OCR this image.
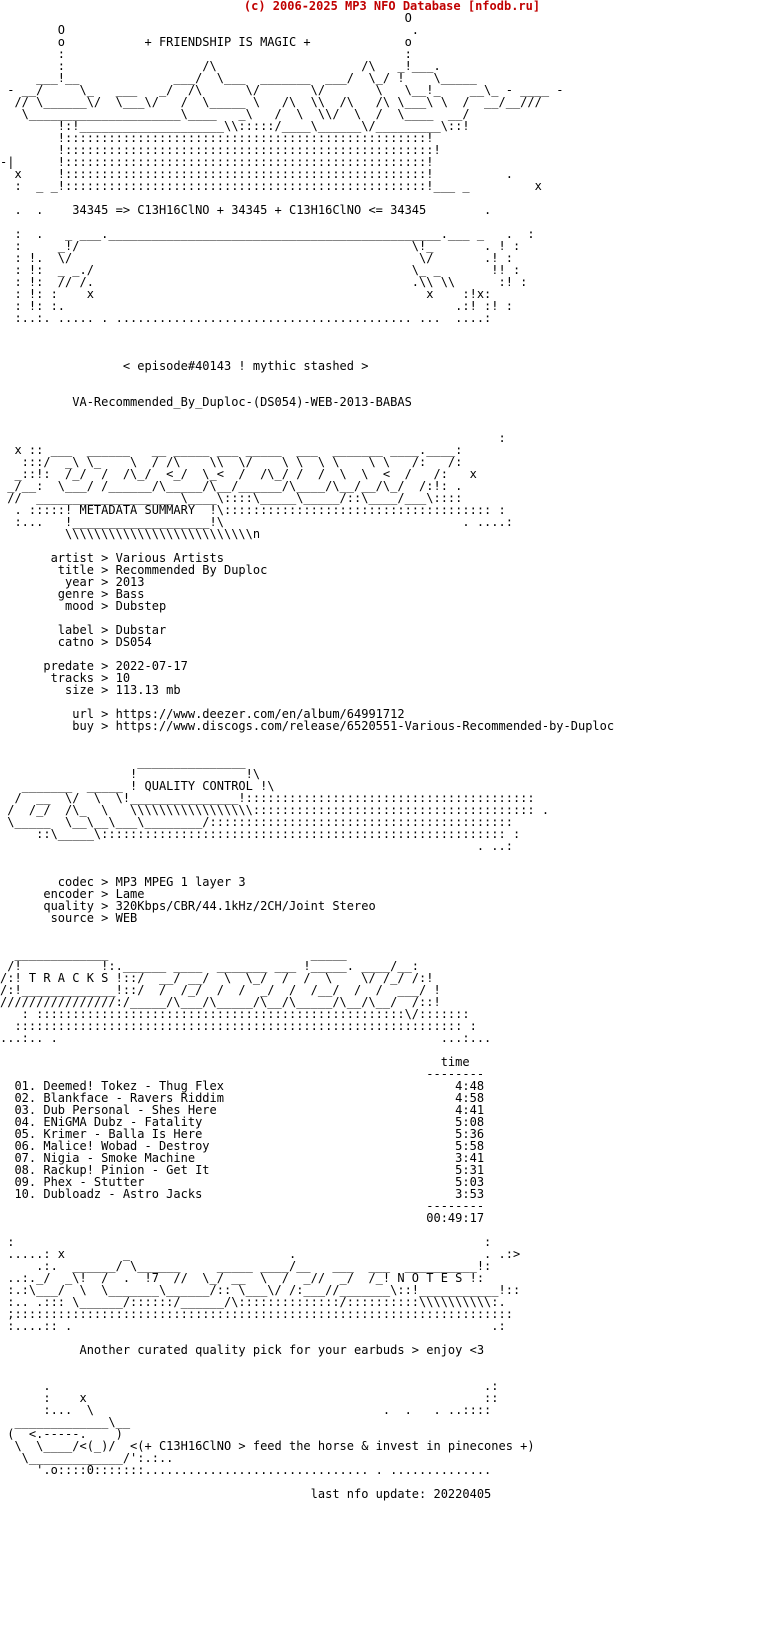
(c) 2006-2025 MP3 NFO Database [nfodb.ru]
O
O                                                .
o           + FRIENDSHIP IS MAGIC +             o
:                                               :
:                   /\                    /\   _!___.
___!__             ___/  \___  _______  ___/  \_/ !    \_____
- __/     \_   ___   _/  /\      \/       \/       \   \__!_    __\_ - ____ -
// \______\/  \___\/   /  \_____ \   /\  \\  /\   /\ \___\ \  /  __/__///
\_____________________\____   _\   /  \  \\/  \  /  \____  __/
!:!____________________\\:::::/____\______\/_________\::!
!::::::::::::::::::::::::::::::::::::::::::::::::::!
!:::::::::::::::::::::::::::::::::::::::::::::::::::!
-|      !::::::::::::::::::::::::::::::::::::::::::::::::::!
x     !::::::::::::::::::::::::::::::::::::::::::::::::::!          .
:  _ _!::::::::::::::::::::::::::::::::::::::::::::::::::!___ _         x

.  .    34345 => C13H16ClNO + 34345 + C13H16ClNO <= 34345        .

:  .   _ ___.______________________________________________.___ _   .  :
:     _!/                                              \!_       . ! :
: !.  \/                                                \/       .! :
: !:  _ _./                                            \_ _       !! :
: !:  // /.                                            .\\ \\      :! :
: !: :    x                                              x    :!x:
: !: :.                                                      .:! :! :
:..:. ..... . ......................................... ...  ....:

< episode#40143 ! mythic stashed >

VA-Recommended_By_Duploc-(DS054)-WEB-2013-BABAS

:
x :: ___  ______   __ _____ ___ _____  ___  _______ ____.____:
:::/  _\ \_    \  / /\    \\  \/    \ \  \ \    \ \   /:   /:
_::!:  /_/  /  /\_/  <_/  \_<  /  /\_/ /  /  \  \  <  /   /:   x
_/__:  \___/ /______/\_____/\__/______/\____/\__/__/\_/  /:!: .
//  ___________________ \____\::::\_____\_____/::\____/___\::::
. :::::! METADATA SUMMARY  !\::::::::::::::::::::::::::::::::::::: :
:...   !___________________!\                                 . ....:
\\\\\\\\\\\\\\\\\\\\\\\\\\n

artist > Various Artists
title > Recommended By Duploc
year > 2013
genre > Bass
mood > Dubstep

label > Dubstar
catno > DS054

predate > 2022-07-17
tracks > 10
size > 113.13 mb

url > https://www.deezer.com/en/album/64991712
buy > https://www.discogs.com/release/6520551-Various-Recommended-by-Duploc

_______________
!               !\
_______  _____ ! QUALITY CONTROL !\
/  __  \/  \  \!_______________!::::::::::::::::::::::::::::::::::::::::
/  /_/  /\_  \   \\\\\\\\\\\\\\\\\::::::::::::::::::::::::::::::::::::::: .
\_____  \__\__\___\________/::::::::::::::::::::::::::::::::::::::::::
::\_____\:::::::::::::::::::::::::::::::::::::::::::::::::::::::: :
. ..:

codec > MP3 MPEG 1 layer 3
encoder > Lame
quality > 320Kbps/CBR/44.1kHz/2CH/Joint Stereo
source > WEB

_____________                            _____
/!           !:.______ ____  _______ ___ !_____. ____/__:
/:! T R A C K S !::/  __/ __/  \  \_/  /  /  \    \/ /_/ /:!
/:!_____________!::/  /  /_/  /  /  _/  /  /__/  /  /  ___/ !
////////////////:/_____/\___/\_____/\__/\_____/\__/\__/  /::!
: :::::::::::::::::::::::::::::::::::::::::::::::::::\/:::::::
:::::::::::::::::::::::::::::::::::::::::::::::::::::::::::::: :
...:.. .                                                     ...:...

time
--------
01. Deemed! Tokez - Thug Flex                                4:48
02. Blankface - Ravers Riddim                                4:58
03. Dub Personal - Shes Here                                 4:41
04. ENiGMA Dubz - Fatality                                   5:08
05. Krimer - Balla Is Here                                   5:36
06. Malice! Wobad - Destroy                                  5:58
07. Nigia - Smoke Machine                                    3:41
08. Rackup! Pinion - Get It                                  5:31
09. Phex - Stutter                                           5:03
10. Dubloadz - Astro Jacks                                   3:53
--------
00:49:17

:                                                                 :
.....: x        _                      .                          . .:>
.:.  ______/ \______     _____ ____/__   ___  ___  __________!:
..:._/  _\!  /  .  !7  //  \_/ __  \  /  _//  _/  /_! N O T E S !:
:.:\___/  \  \_______\______/:: \___\/ /:___//_______\::!___________!::
:.. .::: \______/::::::/______/\::::::::::::::/::::::::::\\\\\\\\\\:.
;:::::::::::::::::::::::::::::::::::::::::::::::::::::::::::::::::::::
:....:: .                                                          .:

Another curated quality pick for your earbuds > enjoy <3

.                                                            .:
:    x                                                       ::
:...  \                                        .  .   . ..::::
_____________\__
(  <.-----.    )
\  \____/<(_)/  <(+ C13H16ClNO > feed the horse & invest in pinecones +)
\_____________/':.:..
'.o::::0:::::::............................... . ..............

last nfo update: 20220405
